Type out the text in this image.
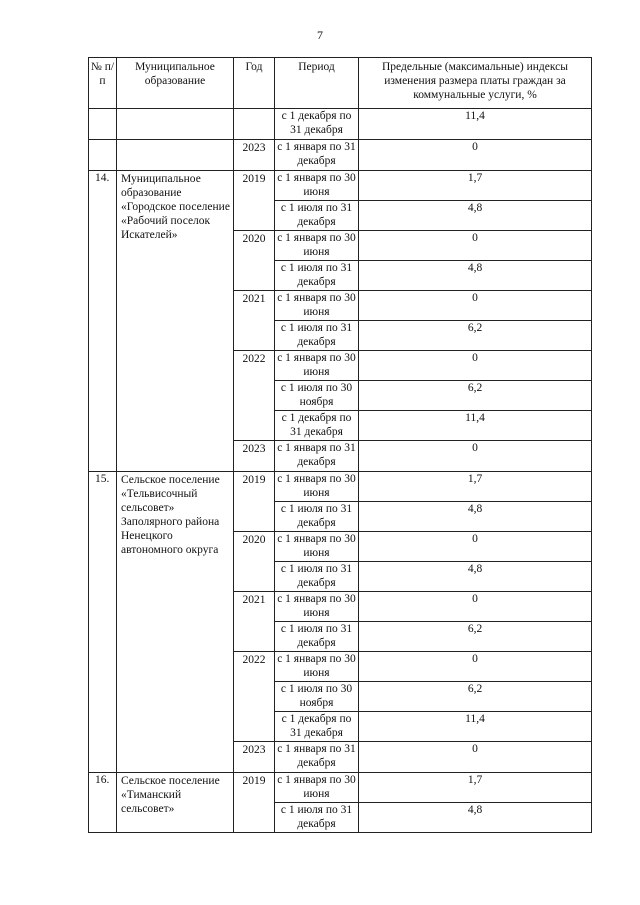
7
№ п/п	Муниципальное образование	Год	Период	Предельные (максимальные) индексы изменения размера платы граждан за коммунальные услуги, %
			с 1 декабря по 31 декабря	11,4
		2023	с 1 января по 31 декабря	0
14.	Муниципальное образование «Городское поселение «Рабочий поселок Искателей»	2019	с 1 января по 30 июня	1,7
			с 1 июля по 31 декабря	4,8
		2020	с 1 января по 30 июня	0
			с 1 июля по 31 декабря	4,8
		2021	с 1 января по 30 июня	0
			с 1 июля по 31 декабря	6,2
		2022	с 1 января по 30 июня	0
			с 1 июля по 30 ноября	6,2
			с 1 декабря по 31 декабря	11,4
		2023	с 1 января по 31 декабря	0
15.	Сельское поселение «Тельвисочный сельсовет» Заполярного района Ненецкого автономного округа	2019	с 1 января по 30 июня	1,7
			с 1 июля по 31 декабря	4,8
		2020	с 1 января по 30 июня	0
			с 1 июля по 31 декабря	4,8
		2021	с 1 января по 30 июня	0
			с 1 июля по 31 декабря	6,2
		2022	с 1 января по 30 июня	0
			с 1 июля по 30 ноября	6,2
			с 1 декабря по 31 декабря	11,4
		2023	с 1 января по 31 декабря	0
16.	Сельское поселение «Тиманский сельсовет»	2019	с 1 января по 30 июня	1,7
			с 1 июля по 31 декабря	4,8
